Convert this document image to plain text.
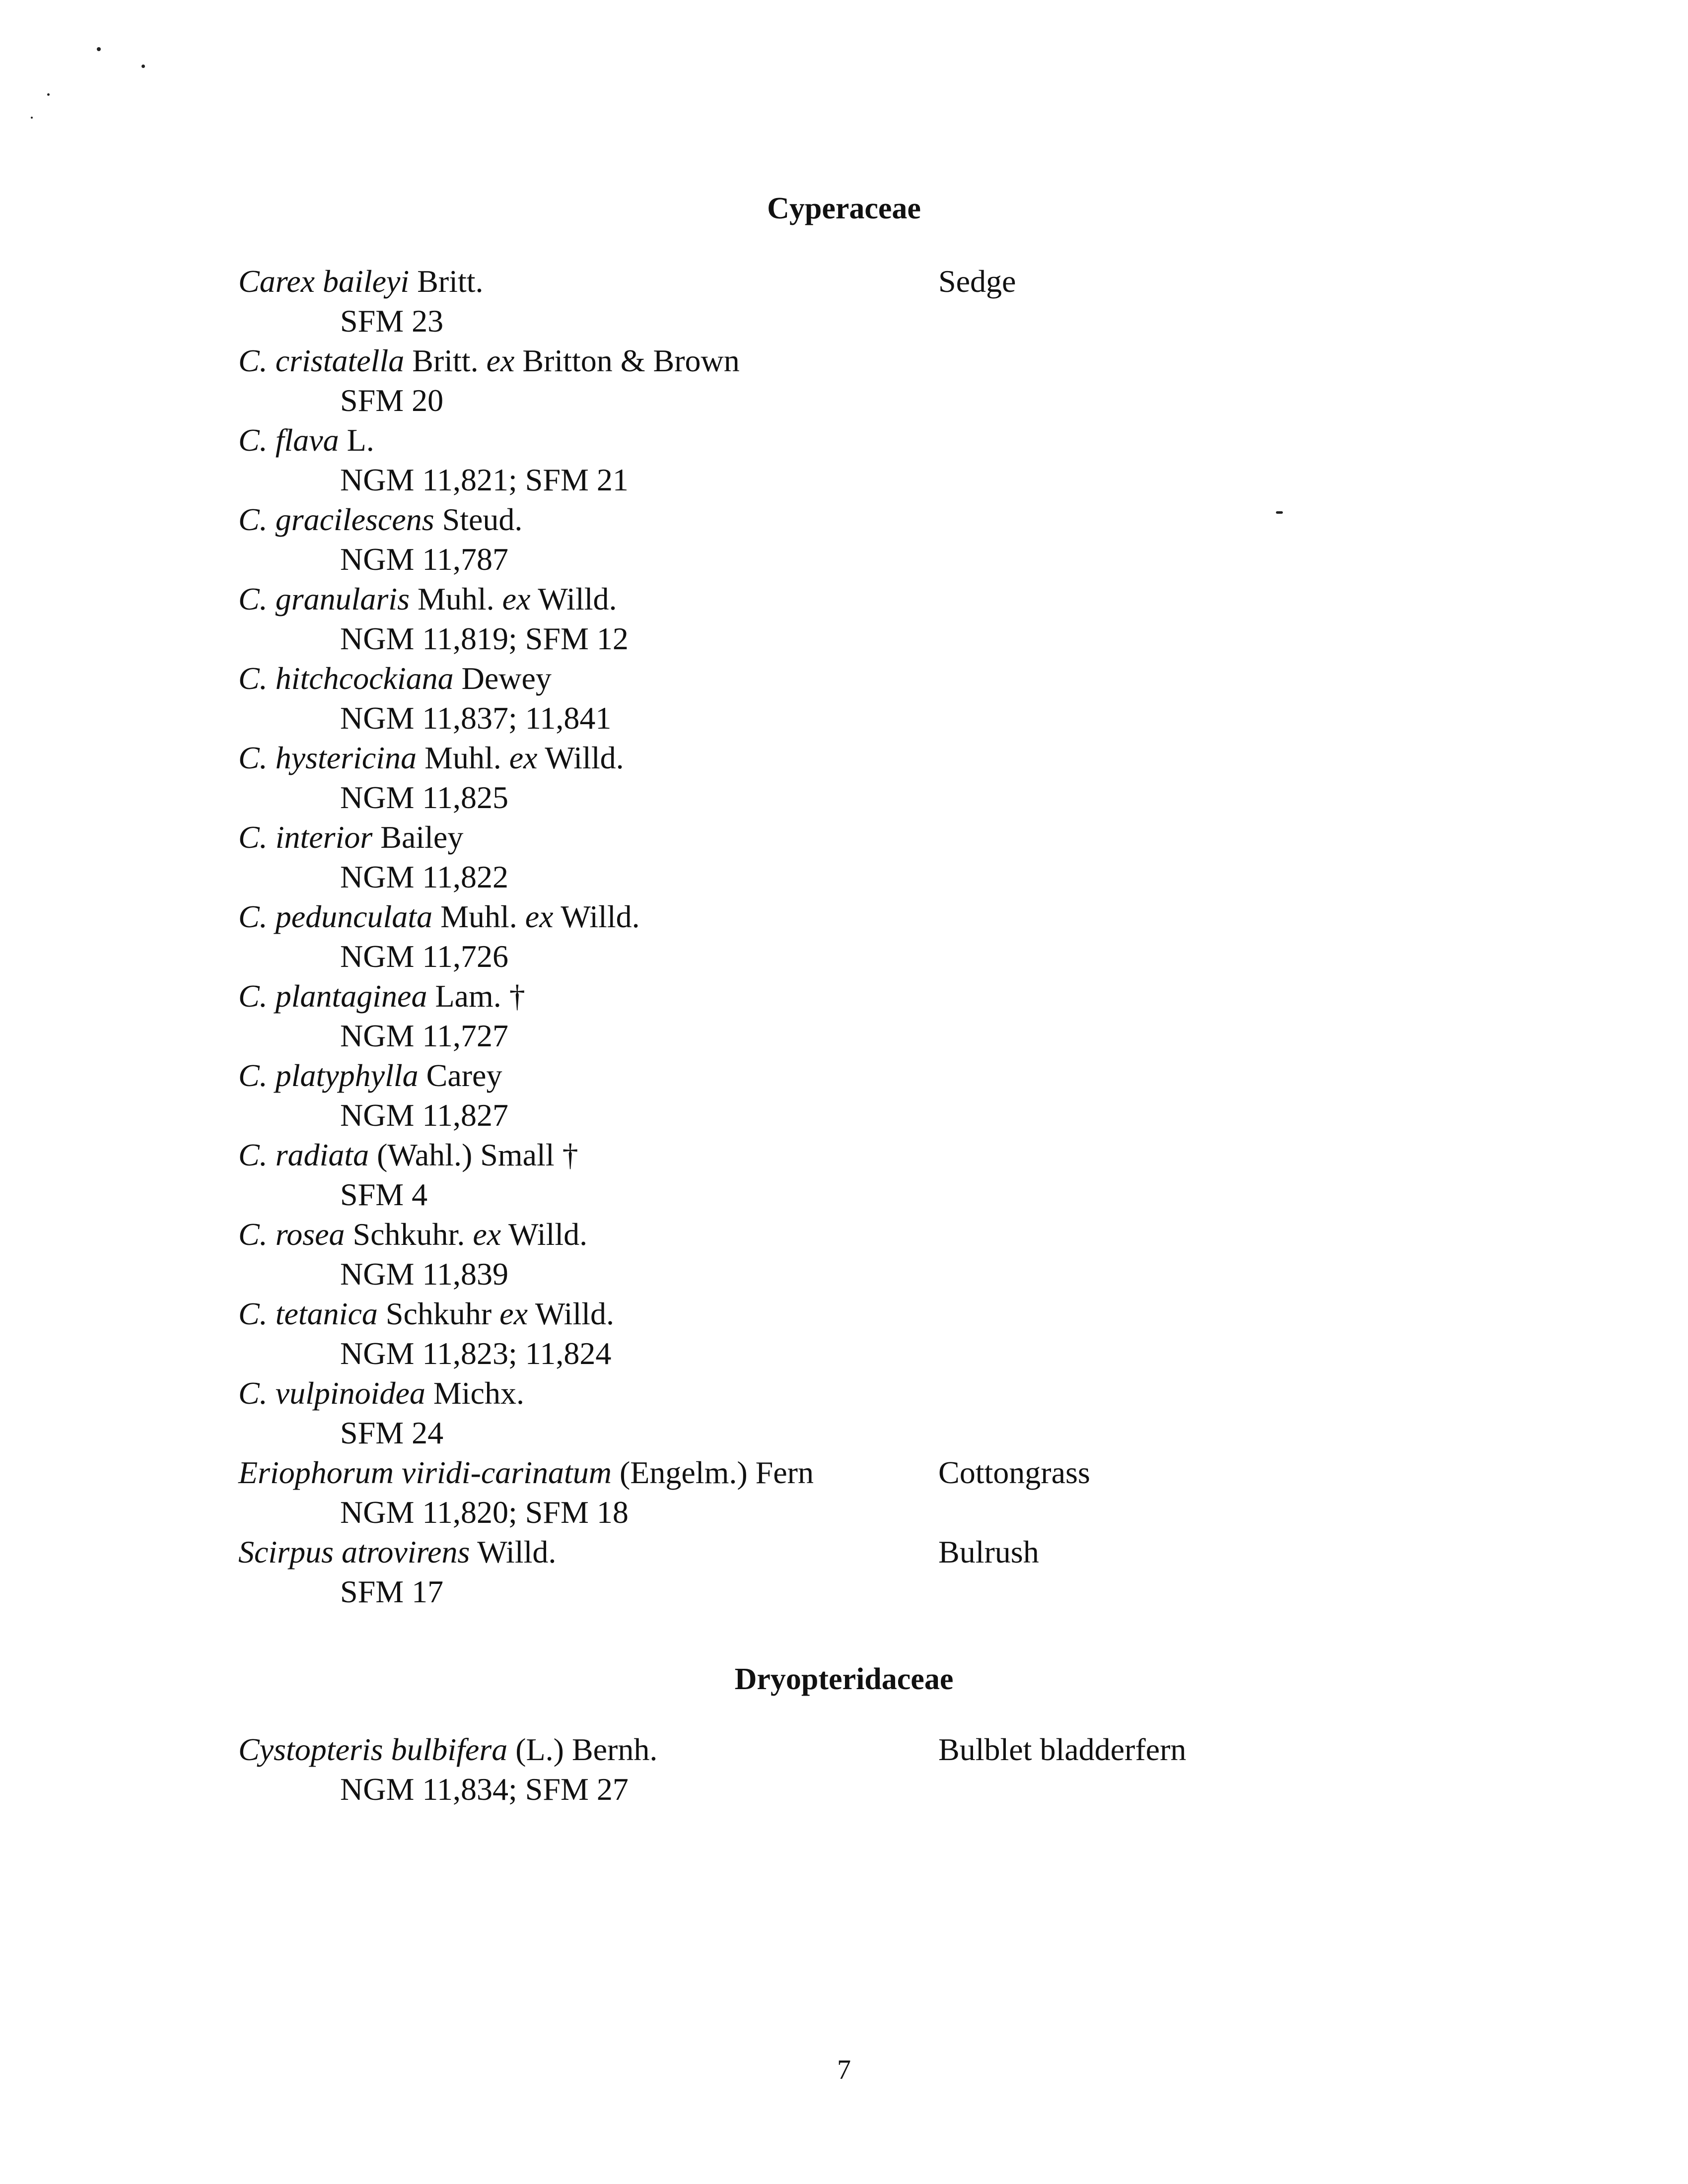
Cyperaceae
Carex baileyi Britt.	Sedge
SFM 23
C. cristatella Britt. ex Britton & Brown
SFM 20
C. flava L.
NGM 11,821; SFM 21
C. gracilescens Steud.
NGM 11,787
C. granularis Muhl. ex Willd.
NGM 11,819; SFM 12
C. hitchcockiana Dewey
NGM 11,837; 11,841
C. hystericina Muhl. ex Willd.
NGM 11,825
C. interior Bailey
NGM 11,822
C. pedunculata Muhl. ex Willd.
NGM 11,726
C. plantaginea Lam. †
NGM 11,727
C. platyphylla Carey
NGM 11,827
C. radiata (Wahl.) Small †
SFM 4
C. rosea Schkuhr. ex Willd.
NGM 11,839
C. tetanica Schkuhr ex Willd.
NGM 11,823; 11,824
C. vulpinoidea Michx.
SFM 24
Eriophorum viridi-carinatum (Engelm.) Fern	Cottongrass
NGM 11,820; SFM 18
Scirpus atrovirens Willd.	Bulrush
SFM 17
Dryopteridaceae
Cystopteris bulbifera (L.) Bernh.	Bulblet bladderfern
NGM 11,834; SFM 27
7
